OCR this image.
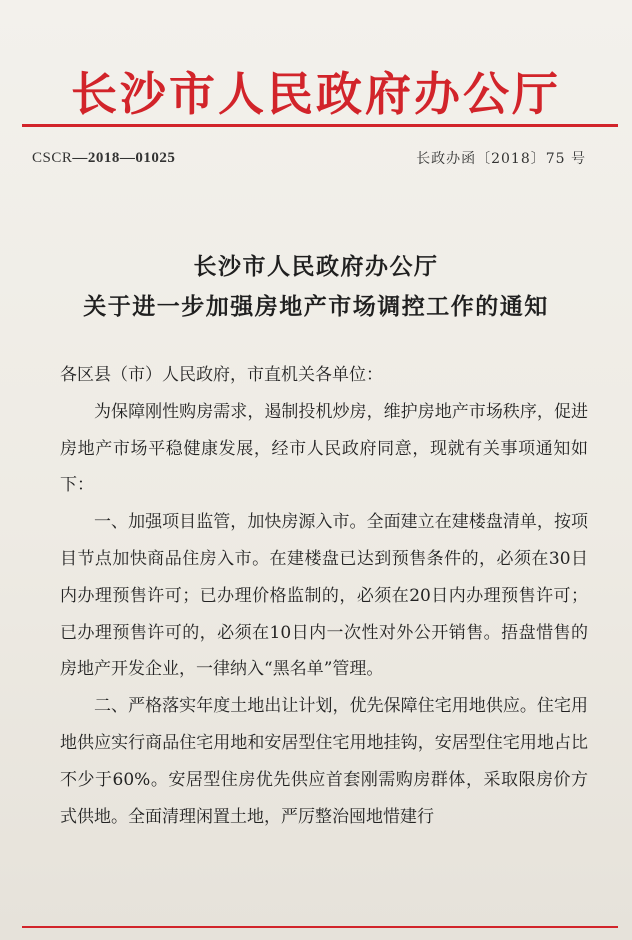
长沙市人民政府办公厅
CSCR—2018—01025	长政办函〔2018〕75 号
长沙市人民政府办公厅
关于进一步加强房地产市场调控工作的通知

各区县（市）人民政府，市直机关各单位：

为保障刚性购房需求，遏制投机炒房，维护房地产市场秩序，促进房地产市场平稳健康发展，经市人民政府同意，现就有关事项通知如下：

一、加强项目监管，加快房源入市。全面建立在建楼盘清单，按项目节点加快商品住房入市。在建楼盘已达到预售条件的，必须在30日内办理预售许可；已办理价格监制的，必须在20日内办理预售许可；已办理预售许可的，必须在10日内一次性对外公开销售。捂盘惜售的房地产开发企业，一律纳入“黑名单”管理。

二、严格落实年度土地出让计划，优先保障住宅用地供应。住宅用地供应实行商品住宅用地和安居型住宅用地挂钩，安居型住宅用地占比不少于60%。安居型住房优先供应首套刚需购房群体，采取限房价方式供地。全面清理闲置土地，严厉整治囤地惜建行
